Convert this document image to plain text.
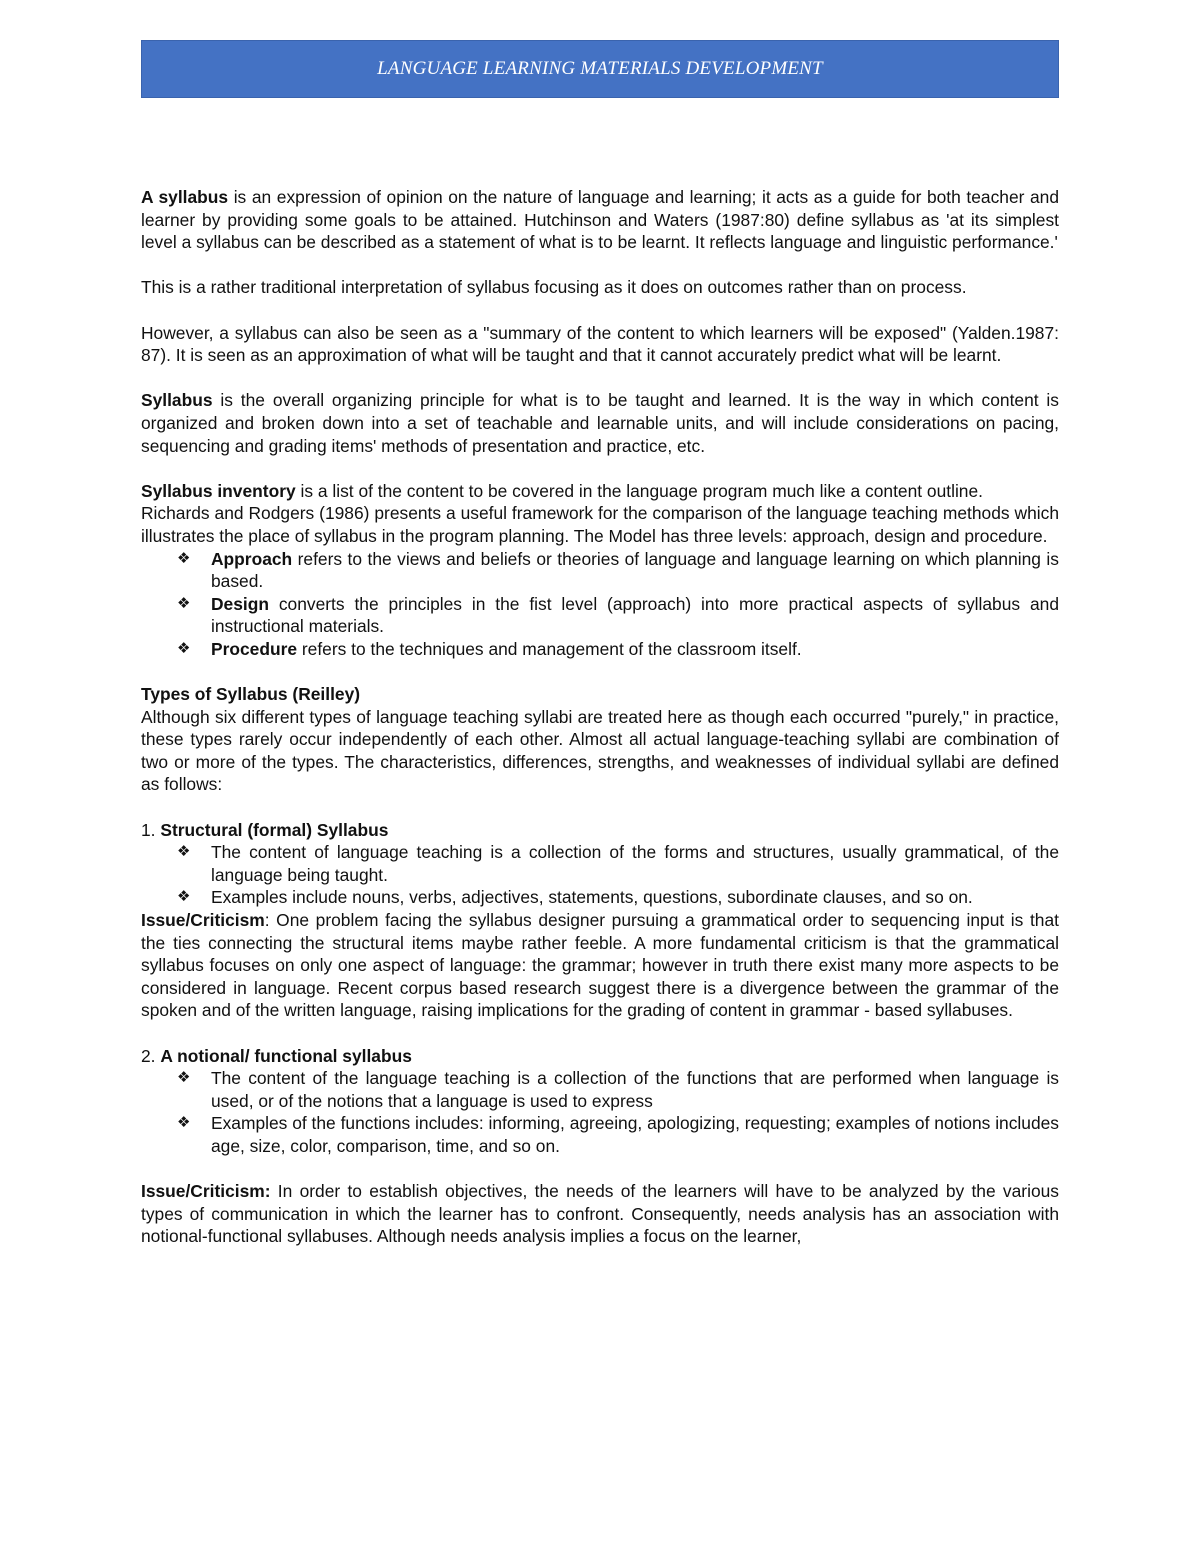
LANGUAGE LEARNING MATERIALS DEVELOPMENT

A syllabus is an expression of opinion on the nature of language and learning; it acts as a guide for both teacher and learner by providing some goals to be attained. Hutchinson and Waters (1987:80) define syllabus as 'at its simplest level a syllabus can be described as a statement of what is to be learnt. It reflects language and linguistic performance.'

This is a rather traditional interpretation of syllabus focusing as it does on outcomes rather than on process.

However, a syllabus can also be seen as a "summary of the content to which learners will be exposed" (Yalden.1987: 87). It is seen as an approximation of what will be taught and that it cannot accurately predict what will be learnt.

Syllabus is the overall organizing principle for what is to be taught and learned. It is the way in which content is organized and broken down into a set of teachable and learnable units, and will include considerations on pacing, sequencing and grading items' methods of presentation and practice, etc.

Syllabus inventory is a list of the content to be covered in the language program much like a content outline.

Richards and Rodgers (1986) presents a useful framework for the comparison of the language teaching methods which illustrates the place of syllabus in the program planning. The Model has three levels: approach, design and procedure.

❖ Approach refers to the views and beliefs or theories of language and language learning on which planning is based.
❖ Design converts the principles in the fist level (approach) into more practical aspects of syllabus and instructional materials.
❖ Procedure refers to the techniques and management of the classroom itself.

Types of Syllabus (Reilley)

Although six different types of language teaching syllabi are treated here as though each occurred "purely," in practice, these types rarely occur independently of each other. Almost all actual language-teaching syllabi are combination of two or more of the types. The characteristics, differences, strengths, and weaknesses of individual syllabi are defined as follows:

1. Structural (formal) Syllabus

❖ The content of language teaching is a collection of the forms and structures, usually grammatical, of the language being taught.
❖ Examples include nouns, verbs, adjectives, statements, questions, subordinate clauses, and so on.

Issue/Criticism: One problem facing the syllabus designer pursuing a grammatical order to sequencing input is that the ties connecting the structural items maybe rather feeble. A more fundamental criticism is that the grammatical syllabus focuses on only one aspect of language: the grammar; however in truth there exist many more aspects to be considered in language. Recent corpus based research suggest there is a divergence between the grammar of the spoken and of the written language, raising implications for the grading of content in grammar - based syllabuses.

2. A notional/ functional syllabus

❖ The content of the language teaching is a collection of the functions that are performed when language is used, or of the notions that a language is used to express
❖ Examples of the functions includes: informing, agreeing, apologizing, requesting; examples of notions includes age, size, color, comparison, time, and so on.

Issue/Criticism: In order to establish objectives, the needs of the learners will have to be analyzed by the various types of communication in which the learner has to confront. Consequently, needs analysis has an association with notional-functional syllabuses. Although needs analysis implies a focus on the learner,
